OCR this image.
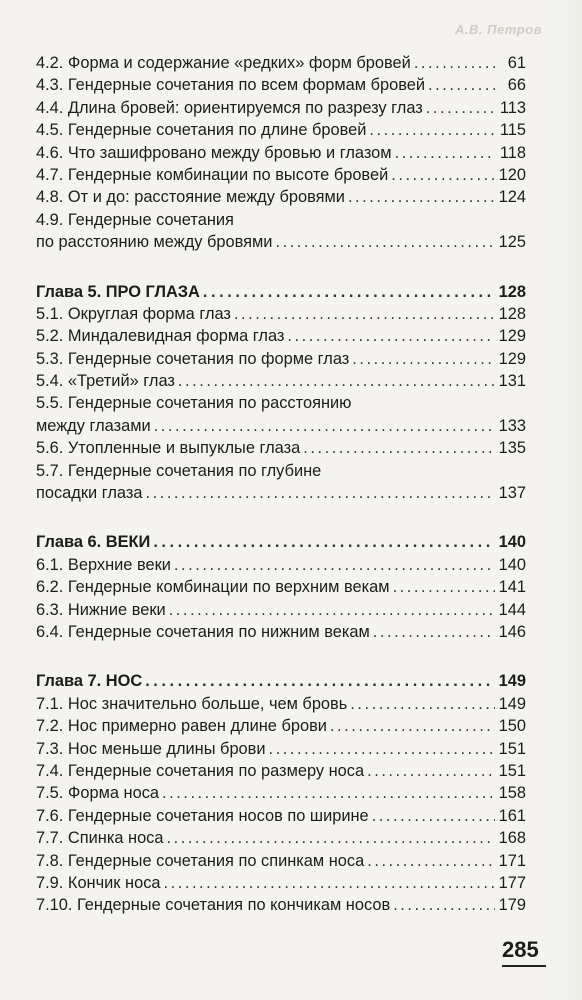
А.В. Петров
4.2. Форма и содержание «редких» форм бровей . . .	61
4.3. Гендерные сочетания по всем формам бровей . . .	66
4.4. Длина бровей: ориентируемся по разрезу глаз . . .	113
4.5. Гендерные сочетания по длине бровей . . .	115
4.6. Что зашифровано между бровью и глазом . . .	118
4.7. Гендерные комбинации по высоте бровей . . .	120
4.8. От и до: расстояние между бровями . . .	124
4.9. Гендерные сочетания
по расстоянию между бровями . . .	125
Глава 5. ПРО ГЛАЗА . . .	128
5.1. Округлая форма глаз . . .	128
5.2. Миндалевидная форма глаз . . .	129
5.3. Гендерные сочетания по форме глаз . . .	129
5.4. «Третий» глаз . . .	131
5.5. Гендерные сочетания по расстоянию
между глазами . . .	133
5.6. Утопленные и выпуклые глаза . . .	135
5.7. Гендерные сочетания по глубине
посадки глаза . . .	137
Глава 6. ВЕКИ . . .	140
6.1. Верхние веки . . .	140
6.2. Гендерные комбинации по верхним векам . . .	141
6.3. Нижние веки . . .	144
6.4. Гендерные сочетания по нижним векам . . .	146
Глава 7. НОС . . .	149
7.1. Нос значительно больше, чем бровь . . .	149
7.2. Нос примерно равен длине брови . . .	150
7.3. Нос меньше длины брови . . .	151
7.4. Гендерные сочетания по размеру носа . . .	151
7.5. Форма носа . . .	158
7.6. Гендерные сочетания носов по ширине . . .	161
7.7. Спинка носа . . .	168
7.8. Гендерные сочетания по спинкам носа . . .	171
7.9. Кончик носа . . .	177
7.10. Гендерные сочетания по кончикам носов . . .	179
285
